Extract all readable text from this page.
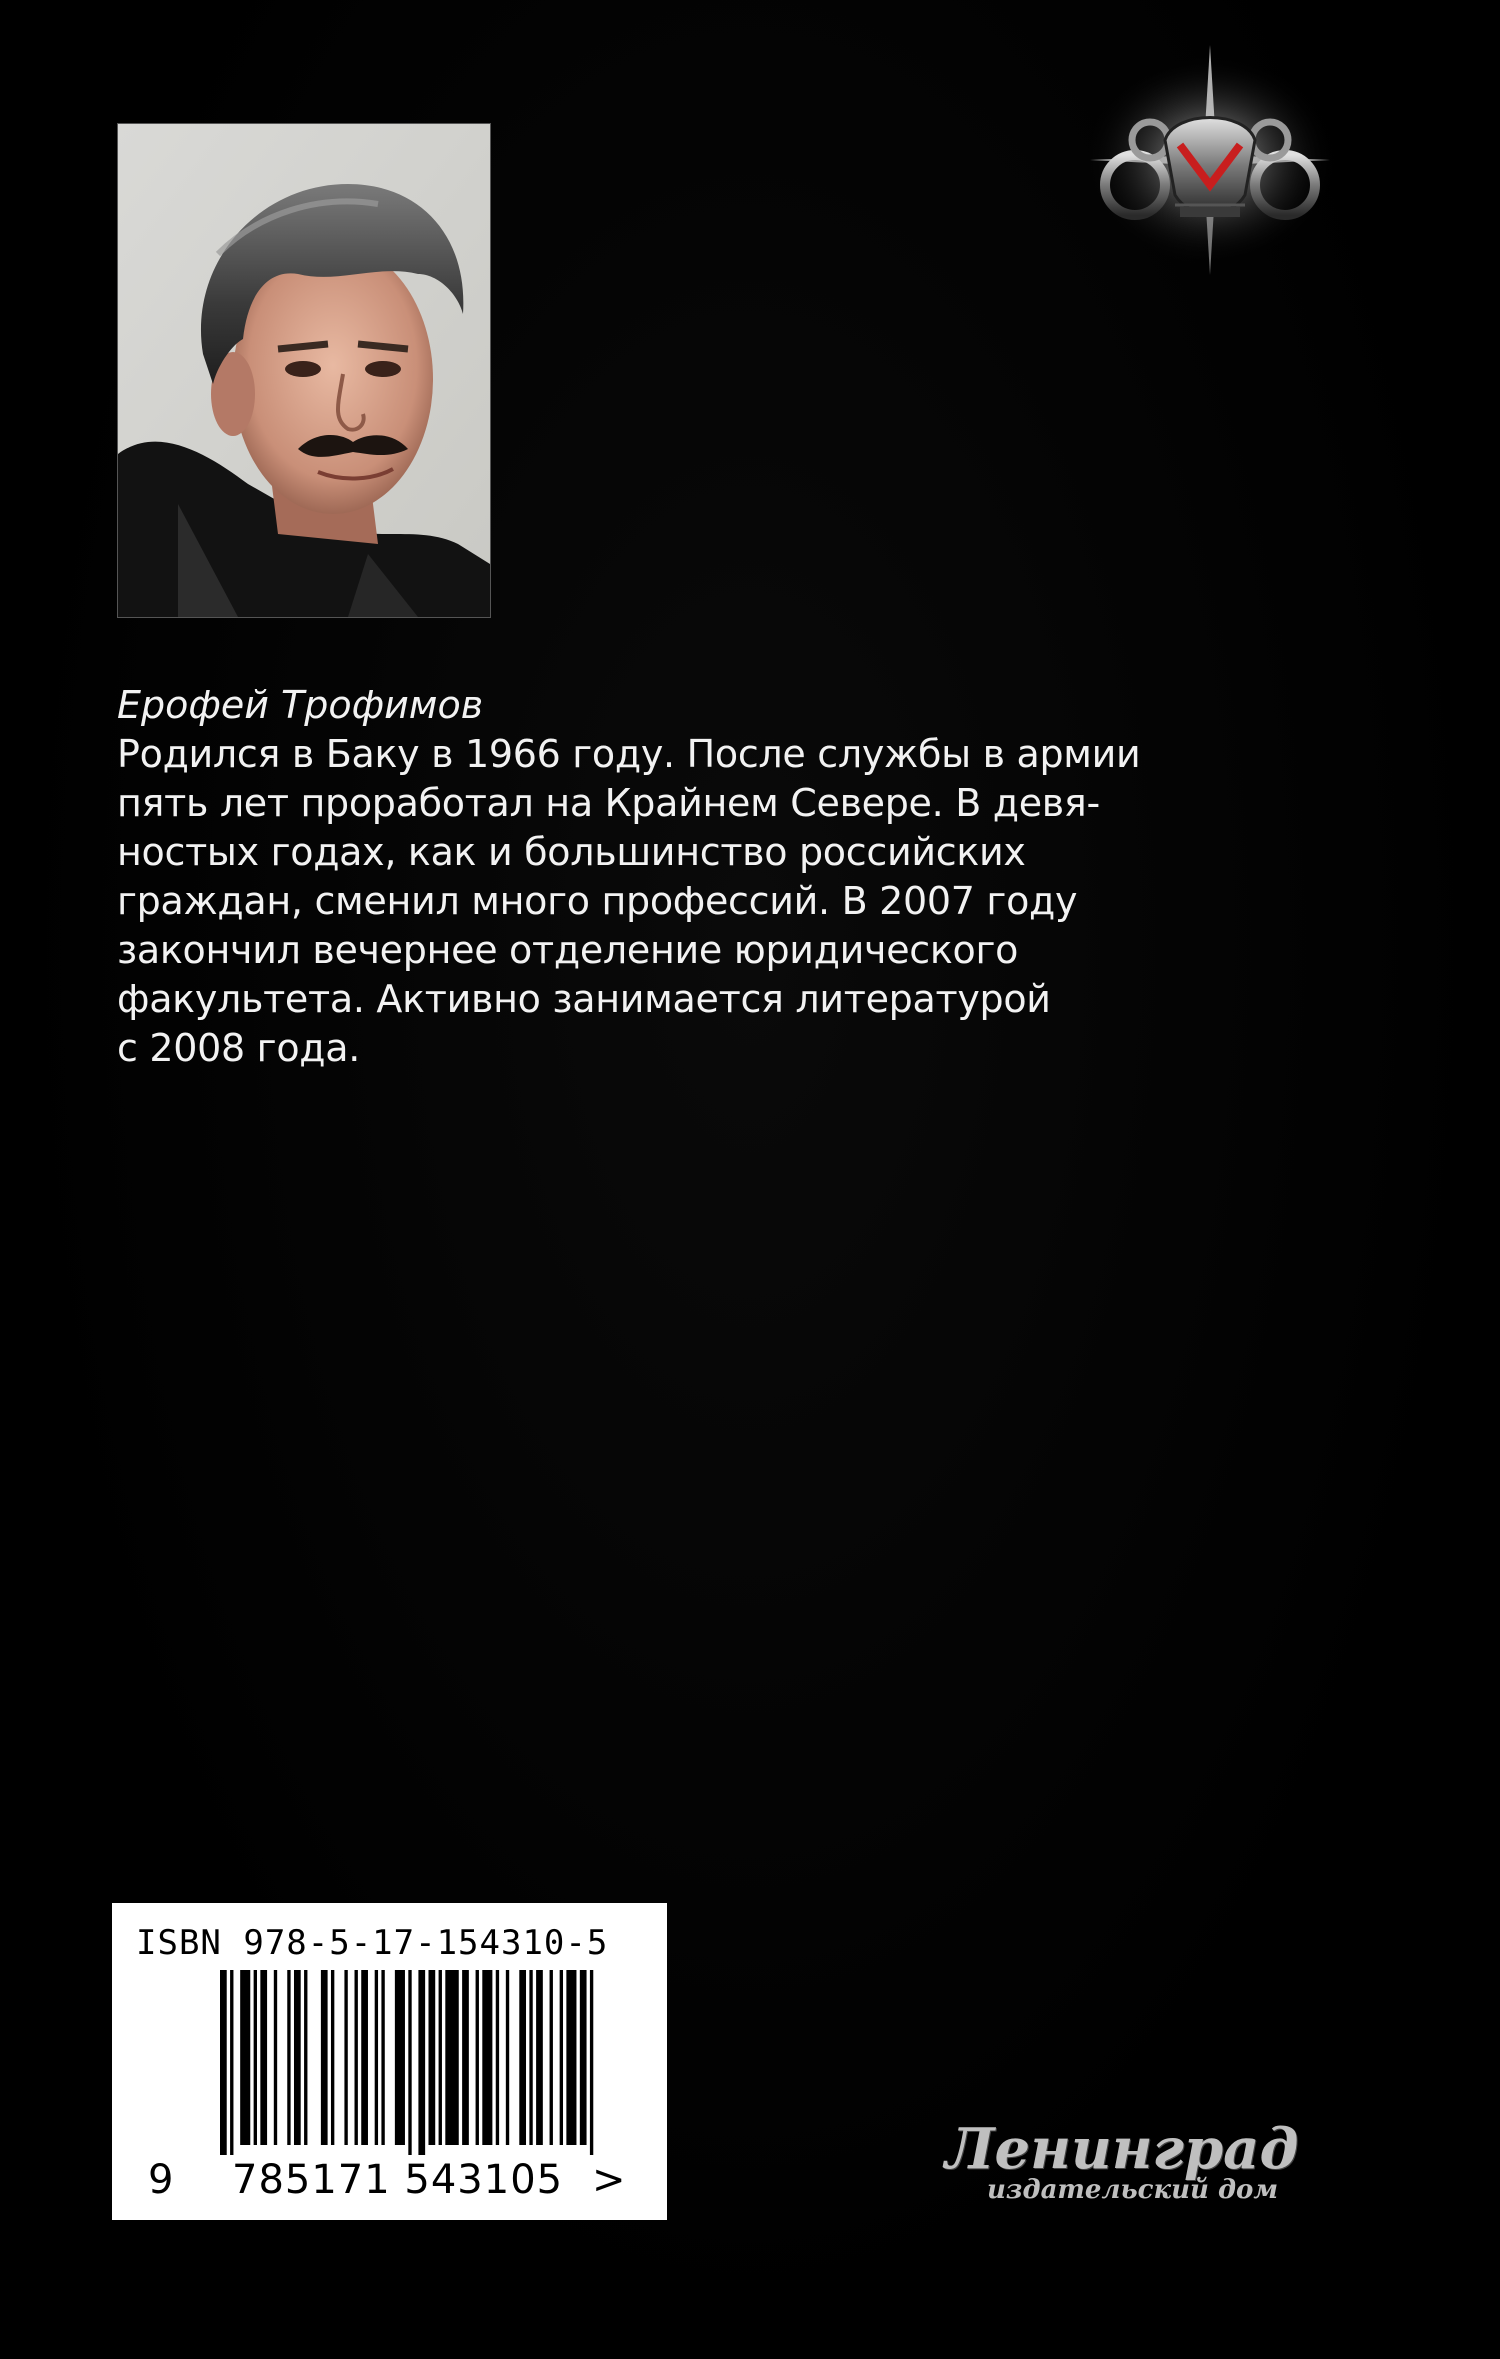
Ерофей Трофимов

Родился в Баку в 1966 году. После службы в армии
пять лет проработал на Крайнем Севере. В девя-
ностых годах, как и большинство российских
граждан, сменил много профессий. В 2007 году
закончил вечернее отделение юридического
факультета. Активно занимается литературой
с 2008 года.

ISBN 978-5-17-154310-5
9 785171 543105 >	Ленинград
издательский дом
